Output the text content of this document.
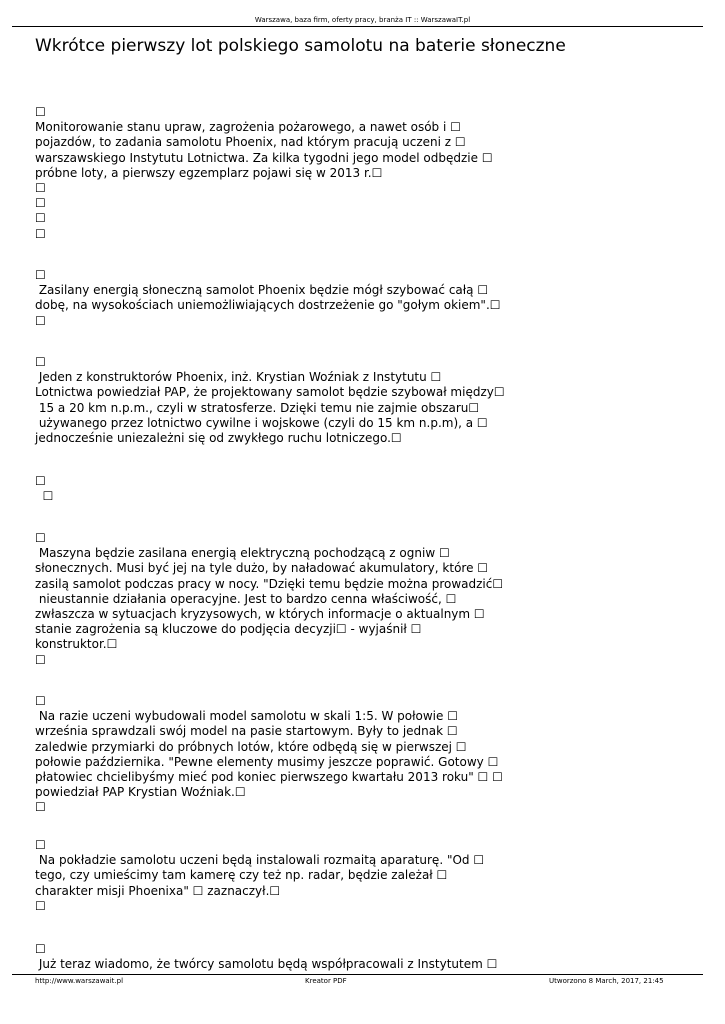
Warszawa, baza firm, oferty pracy, branża IT :: WarszawaIT.pl
Wkrótce pierwszy lot polskiego samolotu na baterie słoneczne

☐
Monitorowanie stanu upraw, zagrożenia pożarowego, a nawet osób i ☐
pojazdów, to zadania samolotu Phoenix, nad którym pracują uczeni z ☐
warszawskiego Instytutu Lotnictwa. Za kilka tygodni jego model odbędzie ☐
próbne loty, a pierwszy egzemplarz pojawi się w 2013 r.☐
☐
☐
☐
☐

☐
Zasilany energią słoneczną samolot Phoenix będzie mógł szybować całą ☐
dobę, na wysokościach uniemożliwiających dostrzeżenie go "gołym okiem".☐
☐

☐
Jeden z konstruktorów Phoenix, inż. Krystian Woźniak z Instytutu ☐
Lotnictwa powiedział PAP, że projektowany samolot będzie szybował między☐
15 a 20 km n.p.m., czyli w stratosferze. Dzięki temu nie zajmie obszaru☐
używanego przez lotnictwo cywilne i wojskowe (czyli do 15 km n.p.m), a ☐
jednocześnie uniezależni się od zwykłego ruchu lotniczego.☐

☐
☐

☐
Maszyna będzie zasilana energią elektryczną pochodzącą z ogniw ☐
słonecznych. Musi być jej na tyle dużo, by naładować akumulatory, które ☐
zasilą samolot podczas pracy w nocy. "Dzięki temu będzie można prowadzić☐
nieustannie działania operacyjne. Jest to bardzo cenna właściwość, ☐
zwłaszcza w sytuacjach kryzysowych, w których informacje o aktualnym ☐
stanie zagrożenia są kluczowe do podjęcia decyzji☐ - wyjaśnił ☐
konstruktor.☐
☐

☐
Na razie uczeni wybudowali model samolotu w skali 1:5. W połowie ☐
września sprawdzali swój model na pasie startowym. Były to jednak ☐
zaledwie przymiarki do próbnych lotów, które odbędą się w pierwszej ☐
połowie października. "Pewne elementy musimy jeszcze poprawić. Gotowy ☐
płatowiec chcielibyśmy mieć pod koniec pierwszego kwartału 2013 roku" ☐ ☐
powiedział PAP Krystian Woźniak.☐
☐

☐
Na pokładzie samolotu uczeni będą instalowali rozmaitą aparaturę. "Od ☐
tego, czy umieścimy tam kamerę czy też np. radar, będzie zależał ☐
charakter misji Phoenixa" ☐ zaznaczył.☐
☐

☐
Już teraz wiadomo, że twórcy samolotu będą współpracowali z Instytutem ☐

http://www.warszawait.pl	Kreator PDF	Utworzono 8 March, 2017, 21:45
